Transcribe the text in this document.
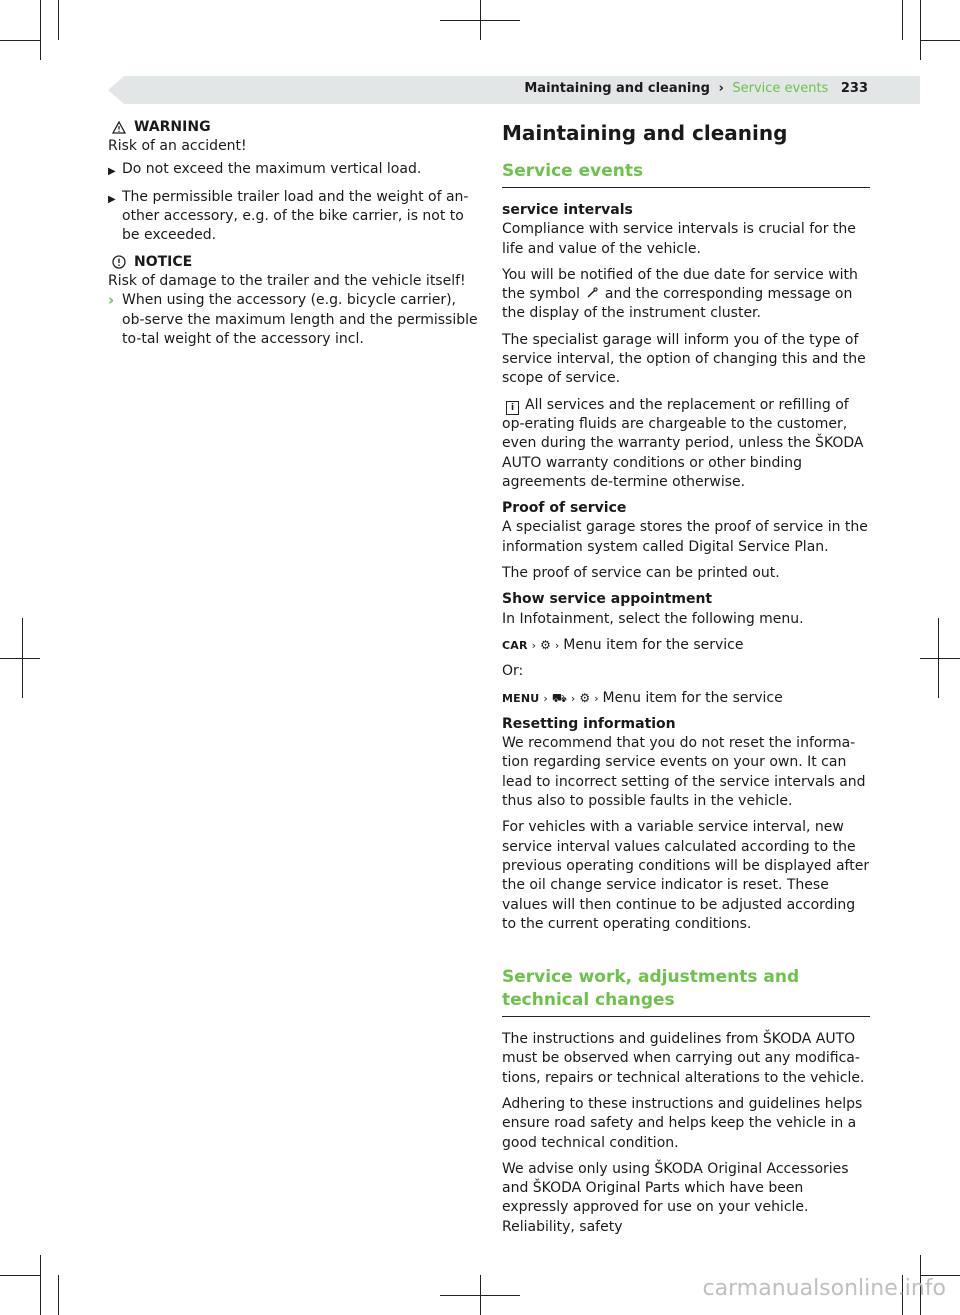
Maintaining and cleaning › Service events 233
WARNING

Risk of an accident!

▶ Do not exceed the maximum vertical load.
▶ The permissible trailer load and the weight of an-other accessory, e.g. of the bike carrier, is not to be exceeded.
NOTICE

Risk of damage to the trailer and the vehicle itself!

› When using the accessory (e.g. bicycle carrier), ob-serve the maximum length and the permissible to-tal weight of the accessory incl.
Maintaining and cleaning
Service events

service intervals
Compliance with service intervals is crucial for the life and value of the vehicle.

You will be notified of the due date for service with the symbol and the corresponding message on the display of the instrument cluster.

The specialist garage will inform you of the type of service interval, the option of changing this and the scope of service.

i All services and the replacement or refilling of op-erating fluids are chargeable to the customer, even during the warranty period, unless the ŠKODA AUTO warranty conditions or other binding agreements de-termine otherwise.

Proof of service
A specialist garage stores the proof of service in the information system called Digital Service Plan.

The proof of service can be printed out.

Show service appointment
In Infotainment, select the following menu.

CAR › ⚙ › Menu item for the service

Or:

MENU › ⛟ › ⚙ › Menu item for the service

Resetting information
We recommend that you do not reset the informa-tion regarding service events on your own. It can lead to incorrect setting of the service intervals and thus also to possible faults in the vehicle.

For vehicles with a variable service interval, new service interval values calculated according to the previous operating conditions will be displayed after the oil change service indicator is reset. These values will then continue to be adjusted according to the current operating conditions.

Service work, adjustments and technical changes

The instructions and guidelines from ŠKODA AUTO must be observed when carrying out any modifica-tions, repairs or technical alterations to the vehicle.

Adhering to these instructions and guidelines helps ensure road safety and helps keep the vehicle in a good technical condition.

We advise only using ŠKODA Original Accessories and ŠKODA Original Parts which have been expressly approved for use on your vehicle. Reliability, safety

carmanualsonline.info
